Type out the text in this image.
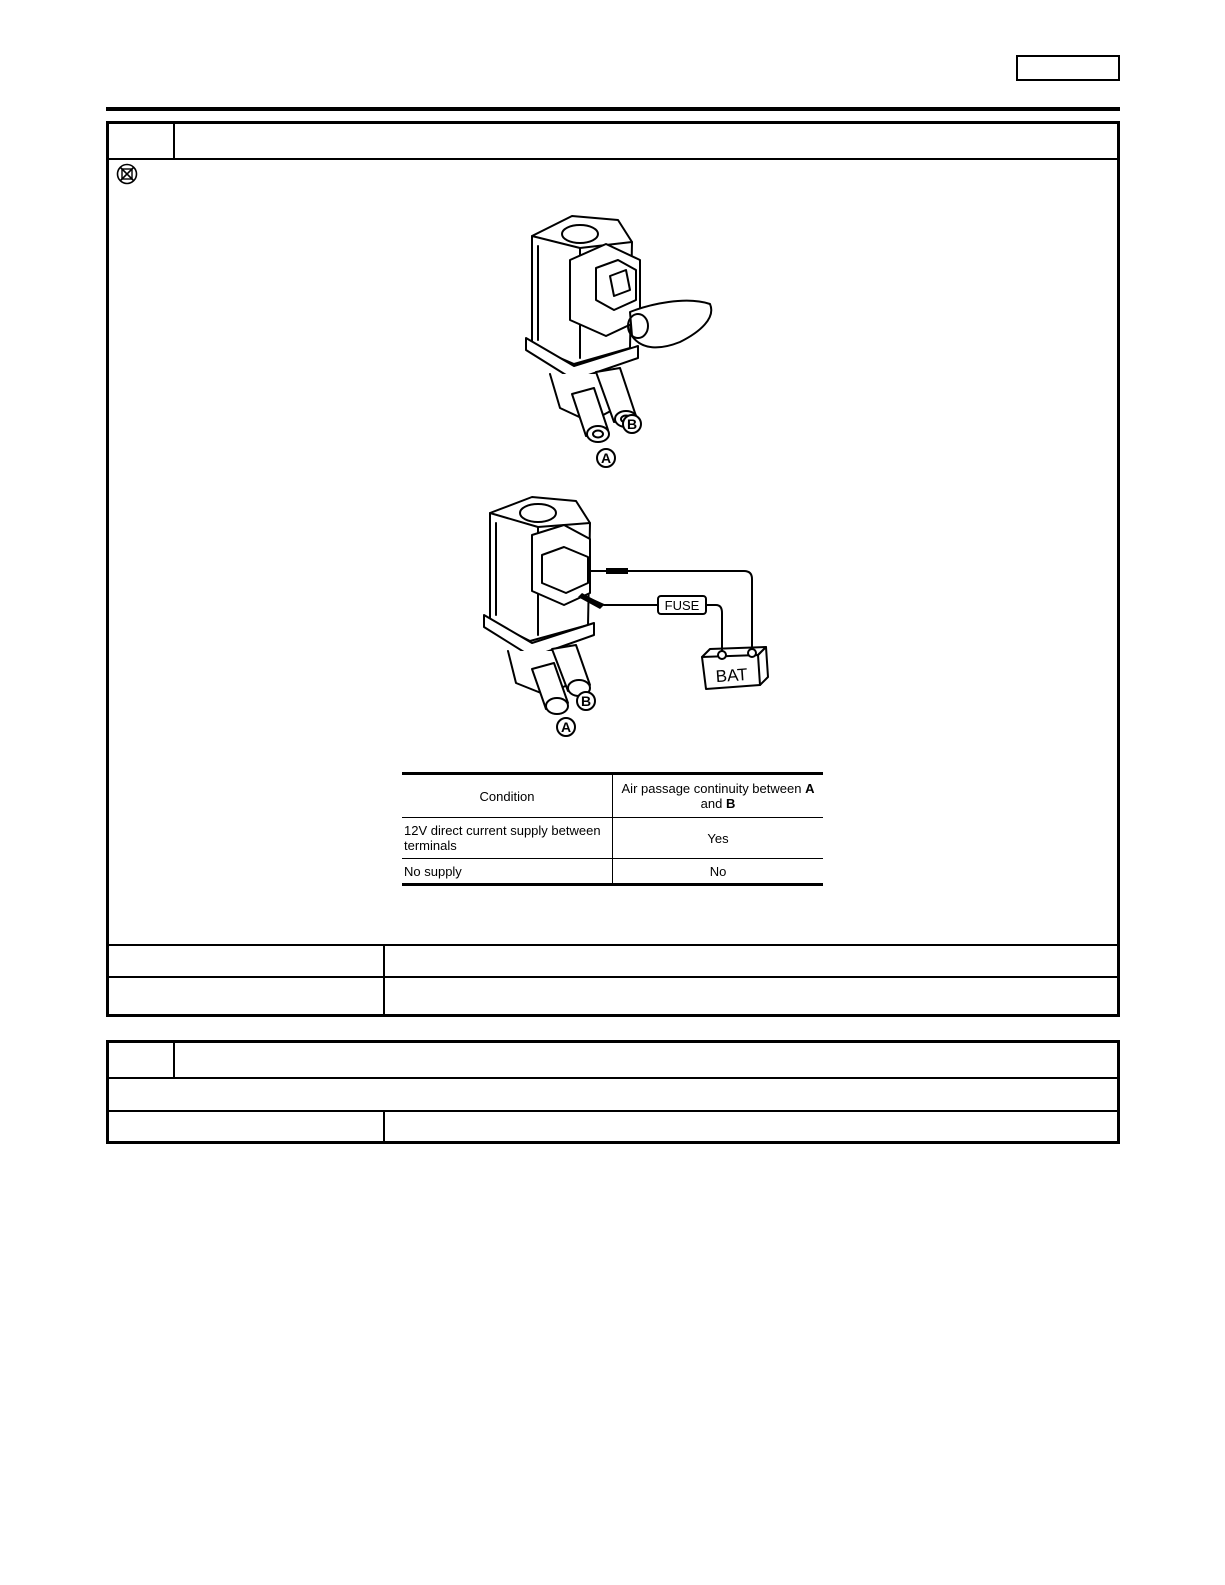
B
A
FUSE
BAT
B
A
Condition	Air passage continuity between A and B
12V direct current supply between terminals	Yes
No supply	No
